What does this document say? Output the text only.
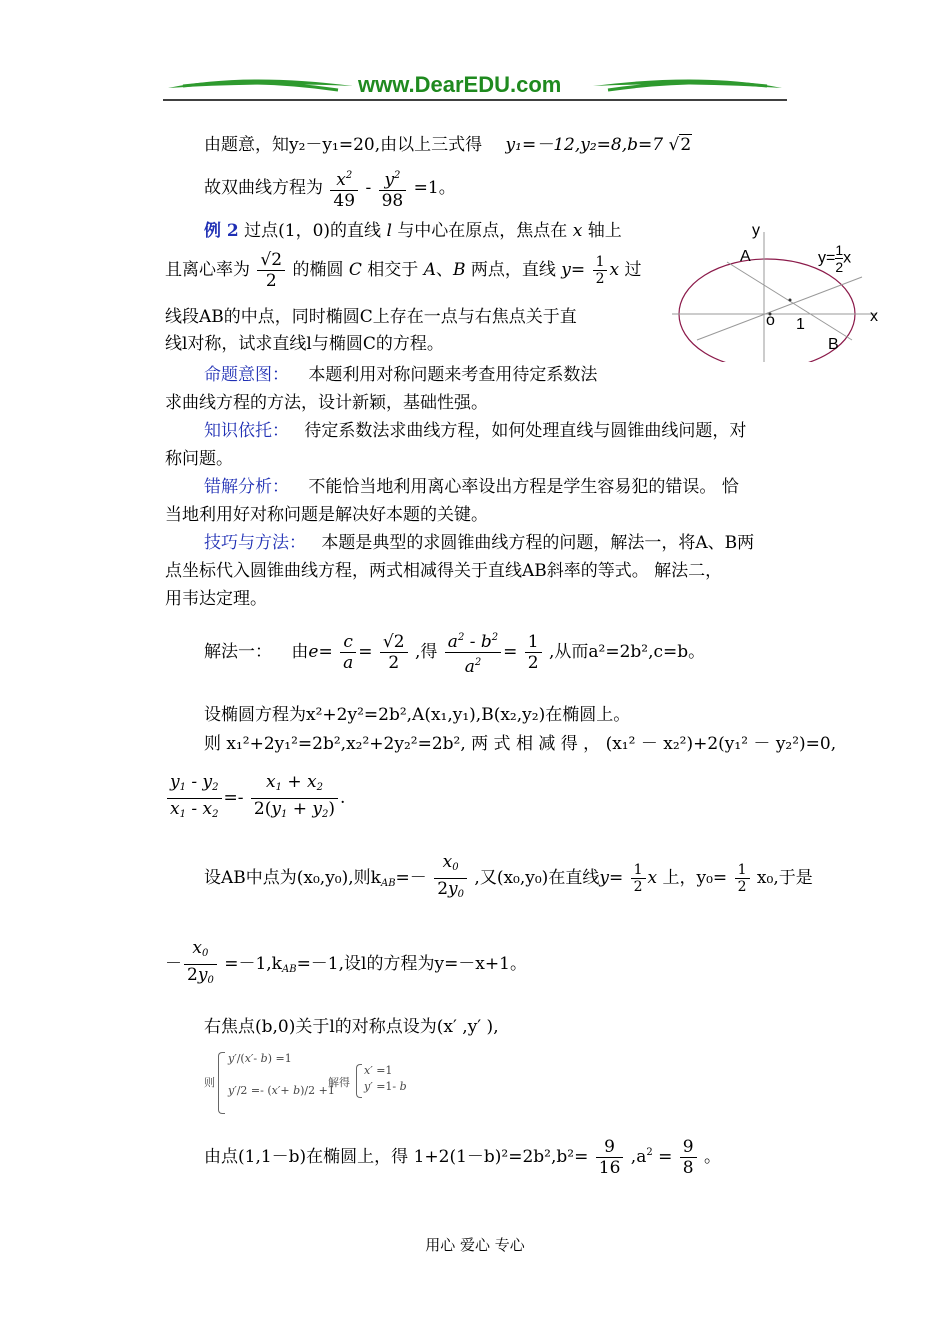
www.DearEDU.com
由题意，知y₂－y₁=20,由以上三式得 y₁=－12,y₂=8,b=7 √2
故双曲线方程为 $\frac{x^2}{49} - \frac{y^2}{98} =1$。
例 2 过点(1，0)的直线 l 与中心在原点，焦点在 x 轴上
且离心率为 $\frac{√2}{2}$ 的椭圆 C 相交于 A、B 两点，直线 $y= \frac{1}{2}$ x 过
线段AB的中点，同时椭圆C上存在一点与右焦点关于直
线l对称，试求直线l与椭圆C的方程。
y
x
A
B
o 1
$y= \frac{1}{2}$ x
命题意图： 本题利用对称问题来考查用待定系数法
求曲线方程的方法，设计新颖，基础性强。
知识依托： 待定系数法求曲线方程，如何处理直线与圆锥曲线问题，对
称问题。
错解分析： 不能恰当地利用离心率设出方程是学生容易犯的错误。 恰
当地利用好对称问题是解决好本题的关键。
技巧与方法： 本题是典型的求圆锥曲线方程的问题，解法一，将A、B两
点坐标代入圆锥曲线方程，两式相减得关于直线AB斜率的等式。 解法二，
用韦达定理。
解法一： 由$e= \frac{c}{a} = \frac{√2}{2}$ ,得 $\frac{a^2 - b^2}{a^2} = \frac{1}{2}$ ,从而a²=2b²,c=b。
设椭圆方程为x²+2y²=2b²,A(x₁,y₁),B(x₂,y₂)在椭圆上。
则 x₁²+2y₁²=2b²,x₂²+2y₂²=2b², 两 式 相 减 得 ， (x₁² － x₂²)+2(y₁² － y₂²)=0,
$\frac{y_1 - y_2}{x_1 - x_2} =- \frac{x_1 + x_2}{2(y_1 + y_2)}$ .
设AB中点为(x₀,y₀),则$k_{AB}=- \frac{x_0}{2y_0}$ ,又(x₀,y₀)在直线$y= \frac{1}{2}$ x 上，$y_0= \frac{1}{2} x_0$,于是
－ $\frac{x_0}{2y_0} =-1,k_{AB}=-1$,设l的方程为y=－x+1。
右焦点(b,0)关于l的对称点设为(x′ ,y′ ),
则
y′/(x′- b) =1
y′/2 =- (x′+ b)/2 +1
解得
x′ =1
y′ =1- b
由点(1,1－b)在椭圆上，得 $1+2(1-b)^2=2b^2,b^2= \frac{9}{16} ,a^2 = \frac{9}{8}$ 。
用心 爱心 专心
